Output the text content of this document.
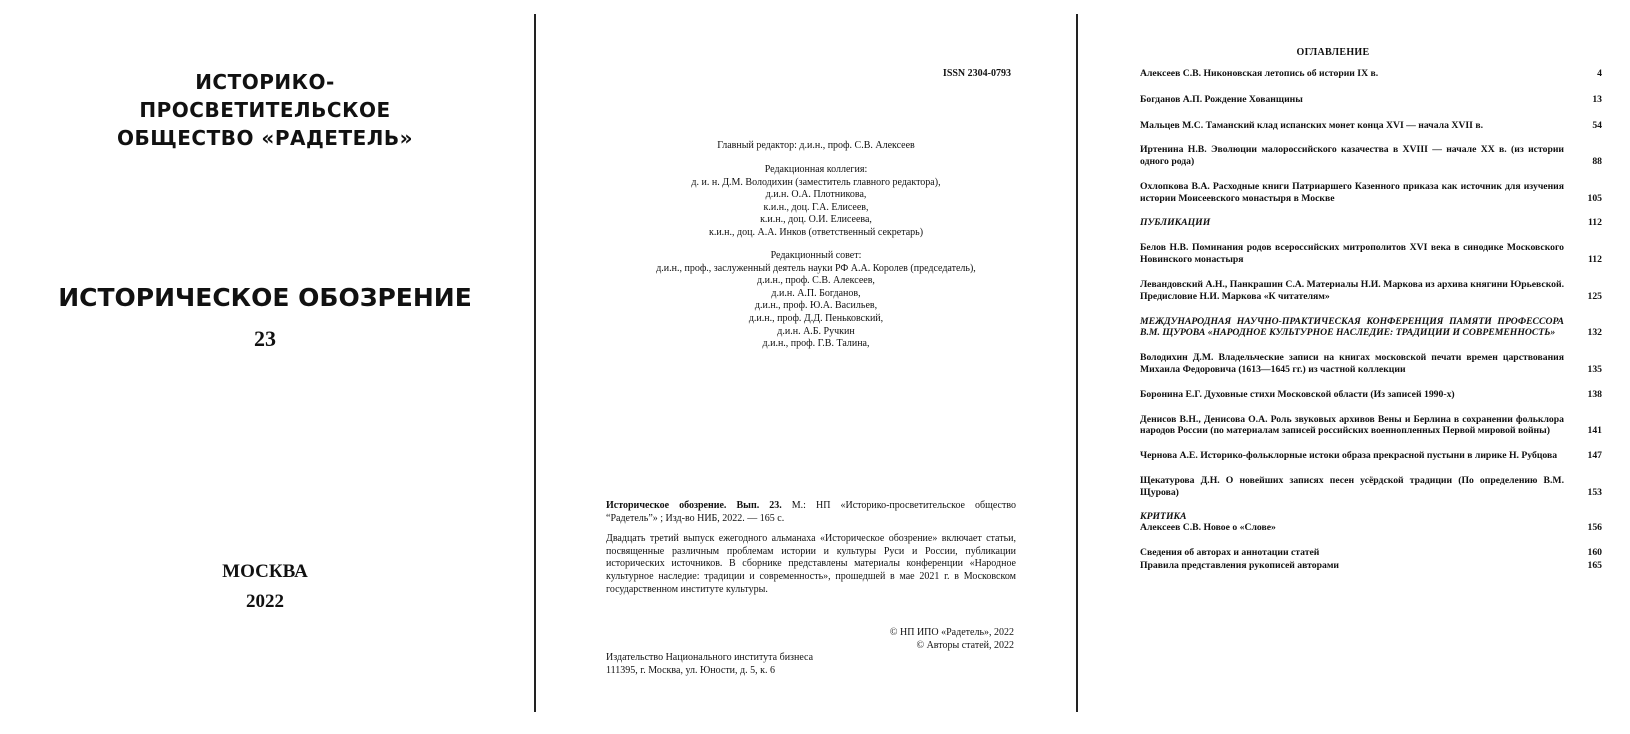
ИСТОРИКО-ПРОСВЕТИТЕЛЬСКОЕ
ОБЩЕСТВО «РАДЕТЕЛЬ»
ИСТОРИЧЕСКОЕ ОБОЗРЕНИЕ
23
МОСКВА
2022
ISSN 2304-0793
Главный редактор: д.и.н., проф. С.В. Алексеев
Редакционная коллегия:
д. и. н. Д.М. Володихин (заместитель главного редактора),
д.и.н. О.А. Плотникова,
к.и.н., доц. Г.А. Елисеев,
к.и.н., доц. О.И. Елисеева,
к.и.н., доц. А.А. Инков (ответственный секретарь)
Редакционный совет:
д.и.н., проф., заслуженный деятель науки РФ А.А. Королев (председатель),
д.и.н., проф. С.В. Алексеев,
д.и.н. А.П. Богданов,
д.и.н., проф. Ю.А. Васильев,
д.и.н., проф. Д.Д. Пеньковский,
д.и.н. А.Б. Ручкин
д.и.н., проф. Г.В. Талина,
Историческое обозрение. Вып. 23. М.: НП «Историко-просветительское общество “Радетель”» ; Изд-во НИБ, 2022. — 165 с.
Двадцать третий выпуск ежегодного альманаха «Историческое обозрение» включает статьи, посвященные различным проблемам истории и культуры Руси и России, публикации исторических источников. В сборнике представлены материалы конференции «Народное культурное наследие: традиции и современность», прошедшей в мае 2021 г. в Московском государственном институте культуры.
© НП ИПО «Радетель», 2022
© Авторы статей, 2022
Издательство Национального института бизнеса
111395, г. Москва, ул. Юности, д. 5, к. 6
ОГЛАВЛЕНИЕ
Алексеев С.В. Никоновская летопись об истории IX в.	4
Богданов А.П. Рождение Хованщины	13
Мальцев М.С. Таманский клад испанских монет конца XVI — начала XVII в.	54
Иртенина Н.В. Эволюции малороссийского казачества в XVIII — начале XX в. (из истории одного рода)	88
Охлопкова В.А. Расходные книги Патриаршего Казенного приказа как источник для изучения истории Моисеевского монастыря в Москве	105
ПУБЛИКАЦИИ	112
Белов Н.В. Поминания родов всероссийских митрополитов XVI века в синодике Московского Новинского монастыря	112
Левандовский А.Н., Панкрашин С.А. Материалы Н.И. Маркова из архива княгини Юрьевской. Предисловие Н.И. Маркова «К читателям»	125
МЕЖДУНАРОДНАЯ НАУЧНО-ПРАКТИЧЕСКАЯ КОНФЕРЕНЦИЯ ПАМЯТИ ПРОФЕССОРА В.М. ЩУРОВА «НАРОДНОЕ КУЛЬТУРНОЕ НАСЛЕДИЕ: ТРАДИЦИИ И СОВРЕМЕННОСТЬ»	132
Володихин Д.М. Владельческие записи на книгах московской печати времен царствования Михаила Федоровича (1613—1645 гг.) из частной коллекции	135
Боронина Е.Г. Духовные стихи Московской области (Из записей 1990-х)	138
Денисов В.Н., Денисова О.А. Роль звуковых архивов Вены и Берлина в сохранении фольклора народов России (по материалам записей российских военнопленных Первой мировой войны)	141
Чернова А.Е. Историко-фольклорные истоки образа прекрасной пустыни в лирике Н. Рубцова	147
Щекатурова Д.Н. О новейших записях песен усёрдской традиции (По определению В.М. Щурова)	153
КРИТИКА
Алексеев С.В. Новое о «Слове»	156
Сведения об авторах и аннотации статей	160
Правила представления рукописей авторами	165
